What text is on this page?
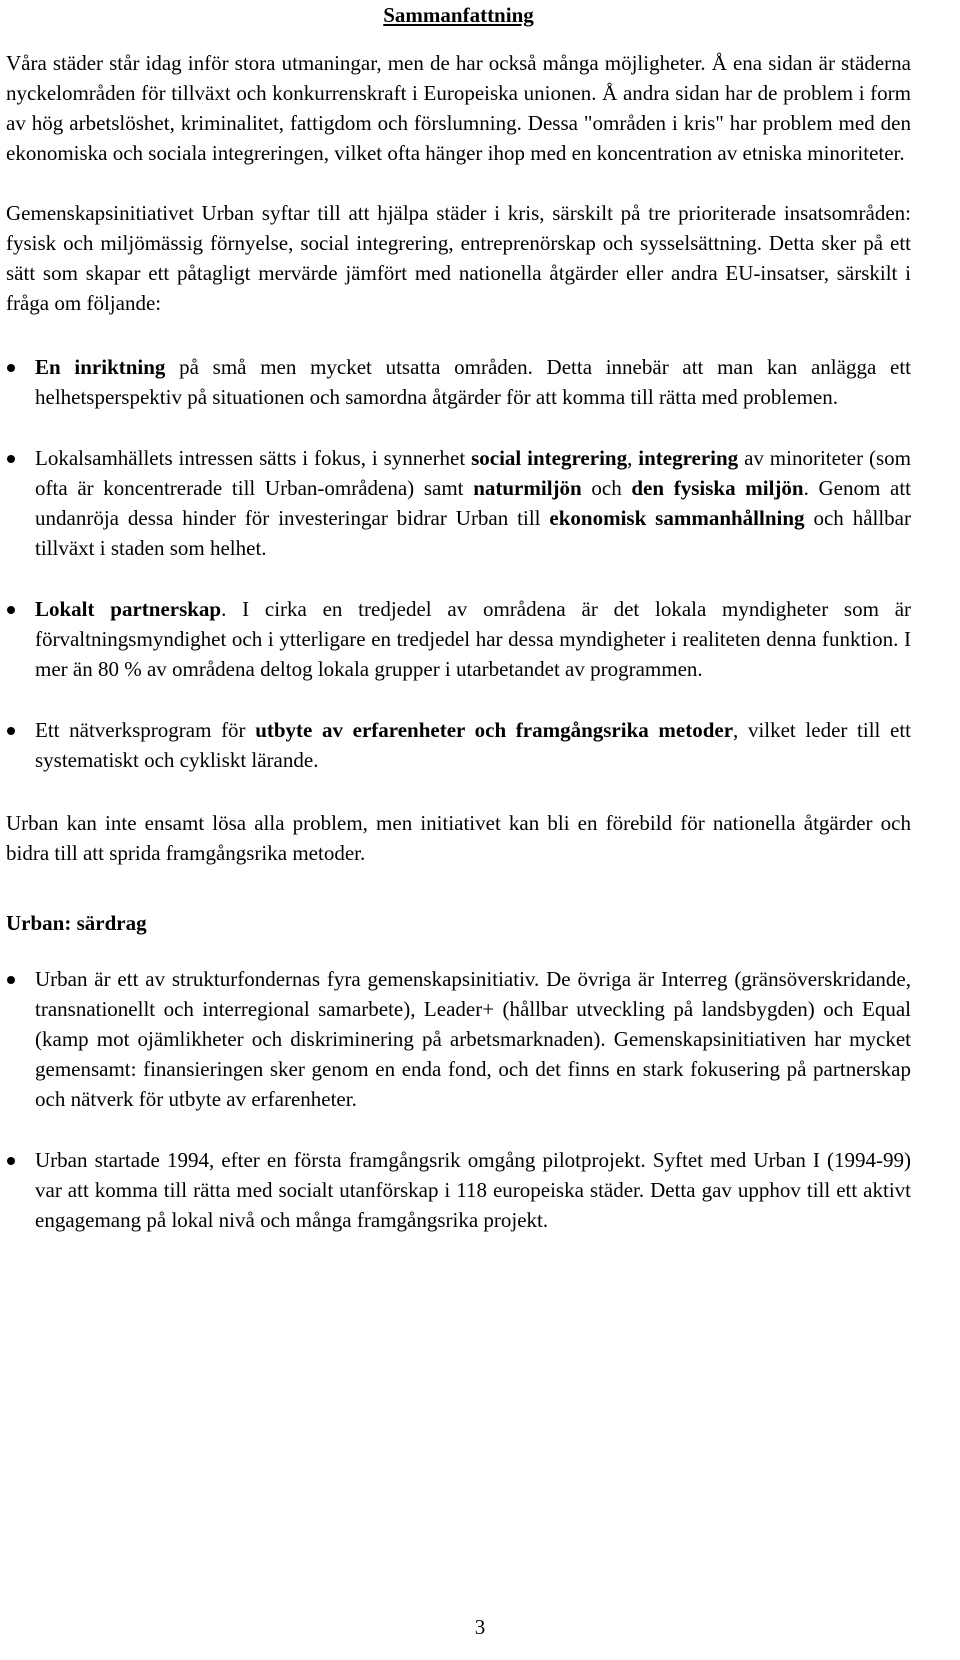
Sammanfattning

Våra städer står idag inför stora utmaningar, men de har också många möjligheter. Å ena sidan är städerna nyckelområden för tillväxt och konkurrenskraft i Europeiska unionen. Å andra sidan har de problem i form av hög arbetslöshet, kriminalitet, fattigdom och förslumning. Dessa "områden i kris" har problem med den ekonomiska och sociala integreringen, vilket ofta hänger ihop med en koncentration av etniska minoriteter.

Gemenskapsinitiativet Urban syftar till att hjälpa städer i kris, särskilt på tre prioriterade insatsområden: fysisk och miljömässig förnyelse, social integrering, entreprenörskap och sysselsättning. Detta sker på ett sätt som skapar ett påtagligt mervärde jämfört med nationella åtgärder eller andra EU-insatser, särskilt i fråga om följande:

En inriktning på små men mycket utsatta områden. Detta innebär att man kan anlägga ett helhetsperspektiv på situationen och samordna åtgärder för att komma till rätta med problemen.
Lokalsamhällets intressen sätts i fokus, i synnerhet social integrering, integrering av minoriteter (som ofta är koncentrerade till Urban-områdena) samt naturmiljön och den fysiska miljön. Genom att undanröja dessa hinder för investeringar bidrar Urban till ekonomisk sammanhållning och hållbar tillväxt i staden som helhet.
Lokalt partnerskap. I cirka en tredjedel av områdena är det lokala myndigheter som är förvaltningsmyndighet och i ytterligare en tredjedel har dessa myndigheter i realiteten denna funktion. I mer än 80 % av områdena deltog lokala grupper i utarbetandet av programmen.
Ett nätverksprogram för utbyte av erfarenheter och framgångsrika metoder, vilket leder till ett systematiskt och cykliskt lärande.

Urban kan inte ensamt lösa alla problem, men initiativet kan bli en förebild för nationella åtgärder och bidra till att sprida framgångsrika metoder.

Urban: särdrag

Urban är ett av strukturfondernas fyra gemenskapsinitiativ. De övriga är Interreg (gränsöverskridande, transnationellt och interregional samarbete), Leader+ (hållbar utveckling på landsbygden) och Equal (kamp mot ojämlikheter och diskriminering på arbetsmarknaden). Gemenskapsinitiativen har mycket gemensamt: finansieringen sker genom en enda fond, och det finns en stark fokusering på partnerskap och nätverk för utbyte av erfarenheter.
Urban startade 1994, efter en första framgångsrik omgång pilotprojekt. Syftet med Urban I (1994-99) var att komma till rätta med socialt utanförskap i 118 europeiska städer. Detta gav upphov till ett aktivt engagemang på lokal nivå och många framgångsrika projekt.
3
